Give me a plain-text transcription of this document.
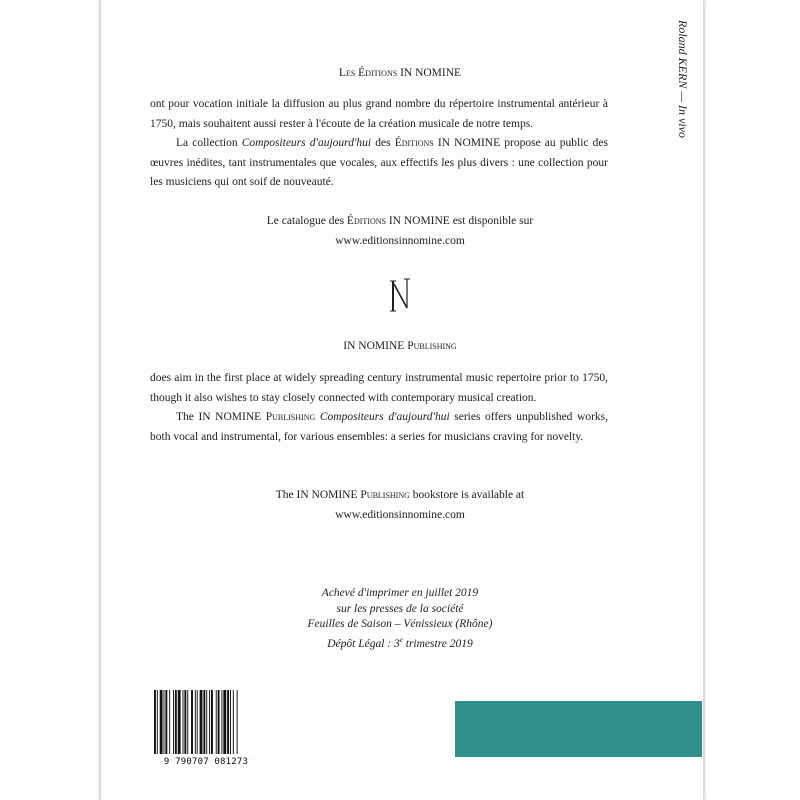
Roland KERN — In vivo
Les Éditions IN NOMINE
ont pour vocation initiale la diffusion au plus grand nombre du répertoire instrumental antérieur à 1750, mais souhaitent aussi rester à l'écoute de la création musicale de notre temps.
La collection Compositeurs d'aujourd'hui des Éditions IN NOMINE propose au public des œuvres inédites, tant instrumentales que vocales, aux effectifs les plus divers : une collection pour les musiciens qui ont soif de nouveauté.
Le catalogue des Éditions IN NOMINE est disponible sur
www.editionsinnomine.com
IN NOMINE Publishing
does aim in the first place at widely spreading century instrumental music repertoire prior to 1750, though it also wishes to stay closely connected with contemporary musical creation.
The IN NOMINE Publishing Compositeurs d'aujourd'hui series offers unpublished works, both vocal and instrumental, for various ensembles: a series for musicians craving for novelty.
The IN NOMINE Publishing bookstore is available at
www.editionsinnomine.com
Achevé d'imprimer en juillet 2019
sur les presses de la société
Feuilles de Saison – Vénissieux (Rhône)
Dépôt Légal : 3e trimestre 2019
9 790707 081273
